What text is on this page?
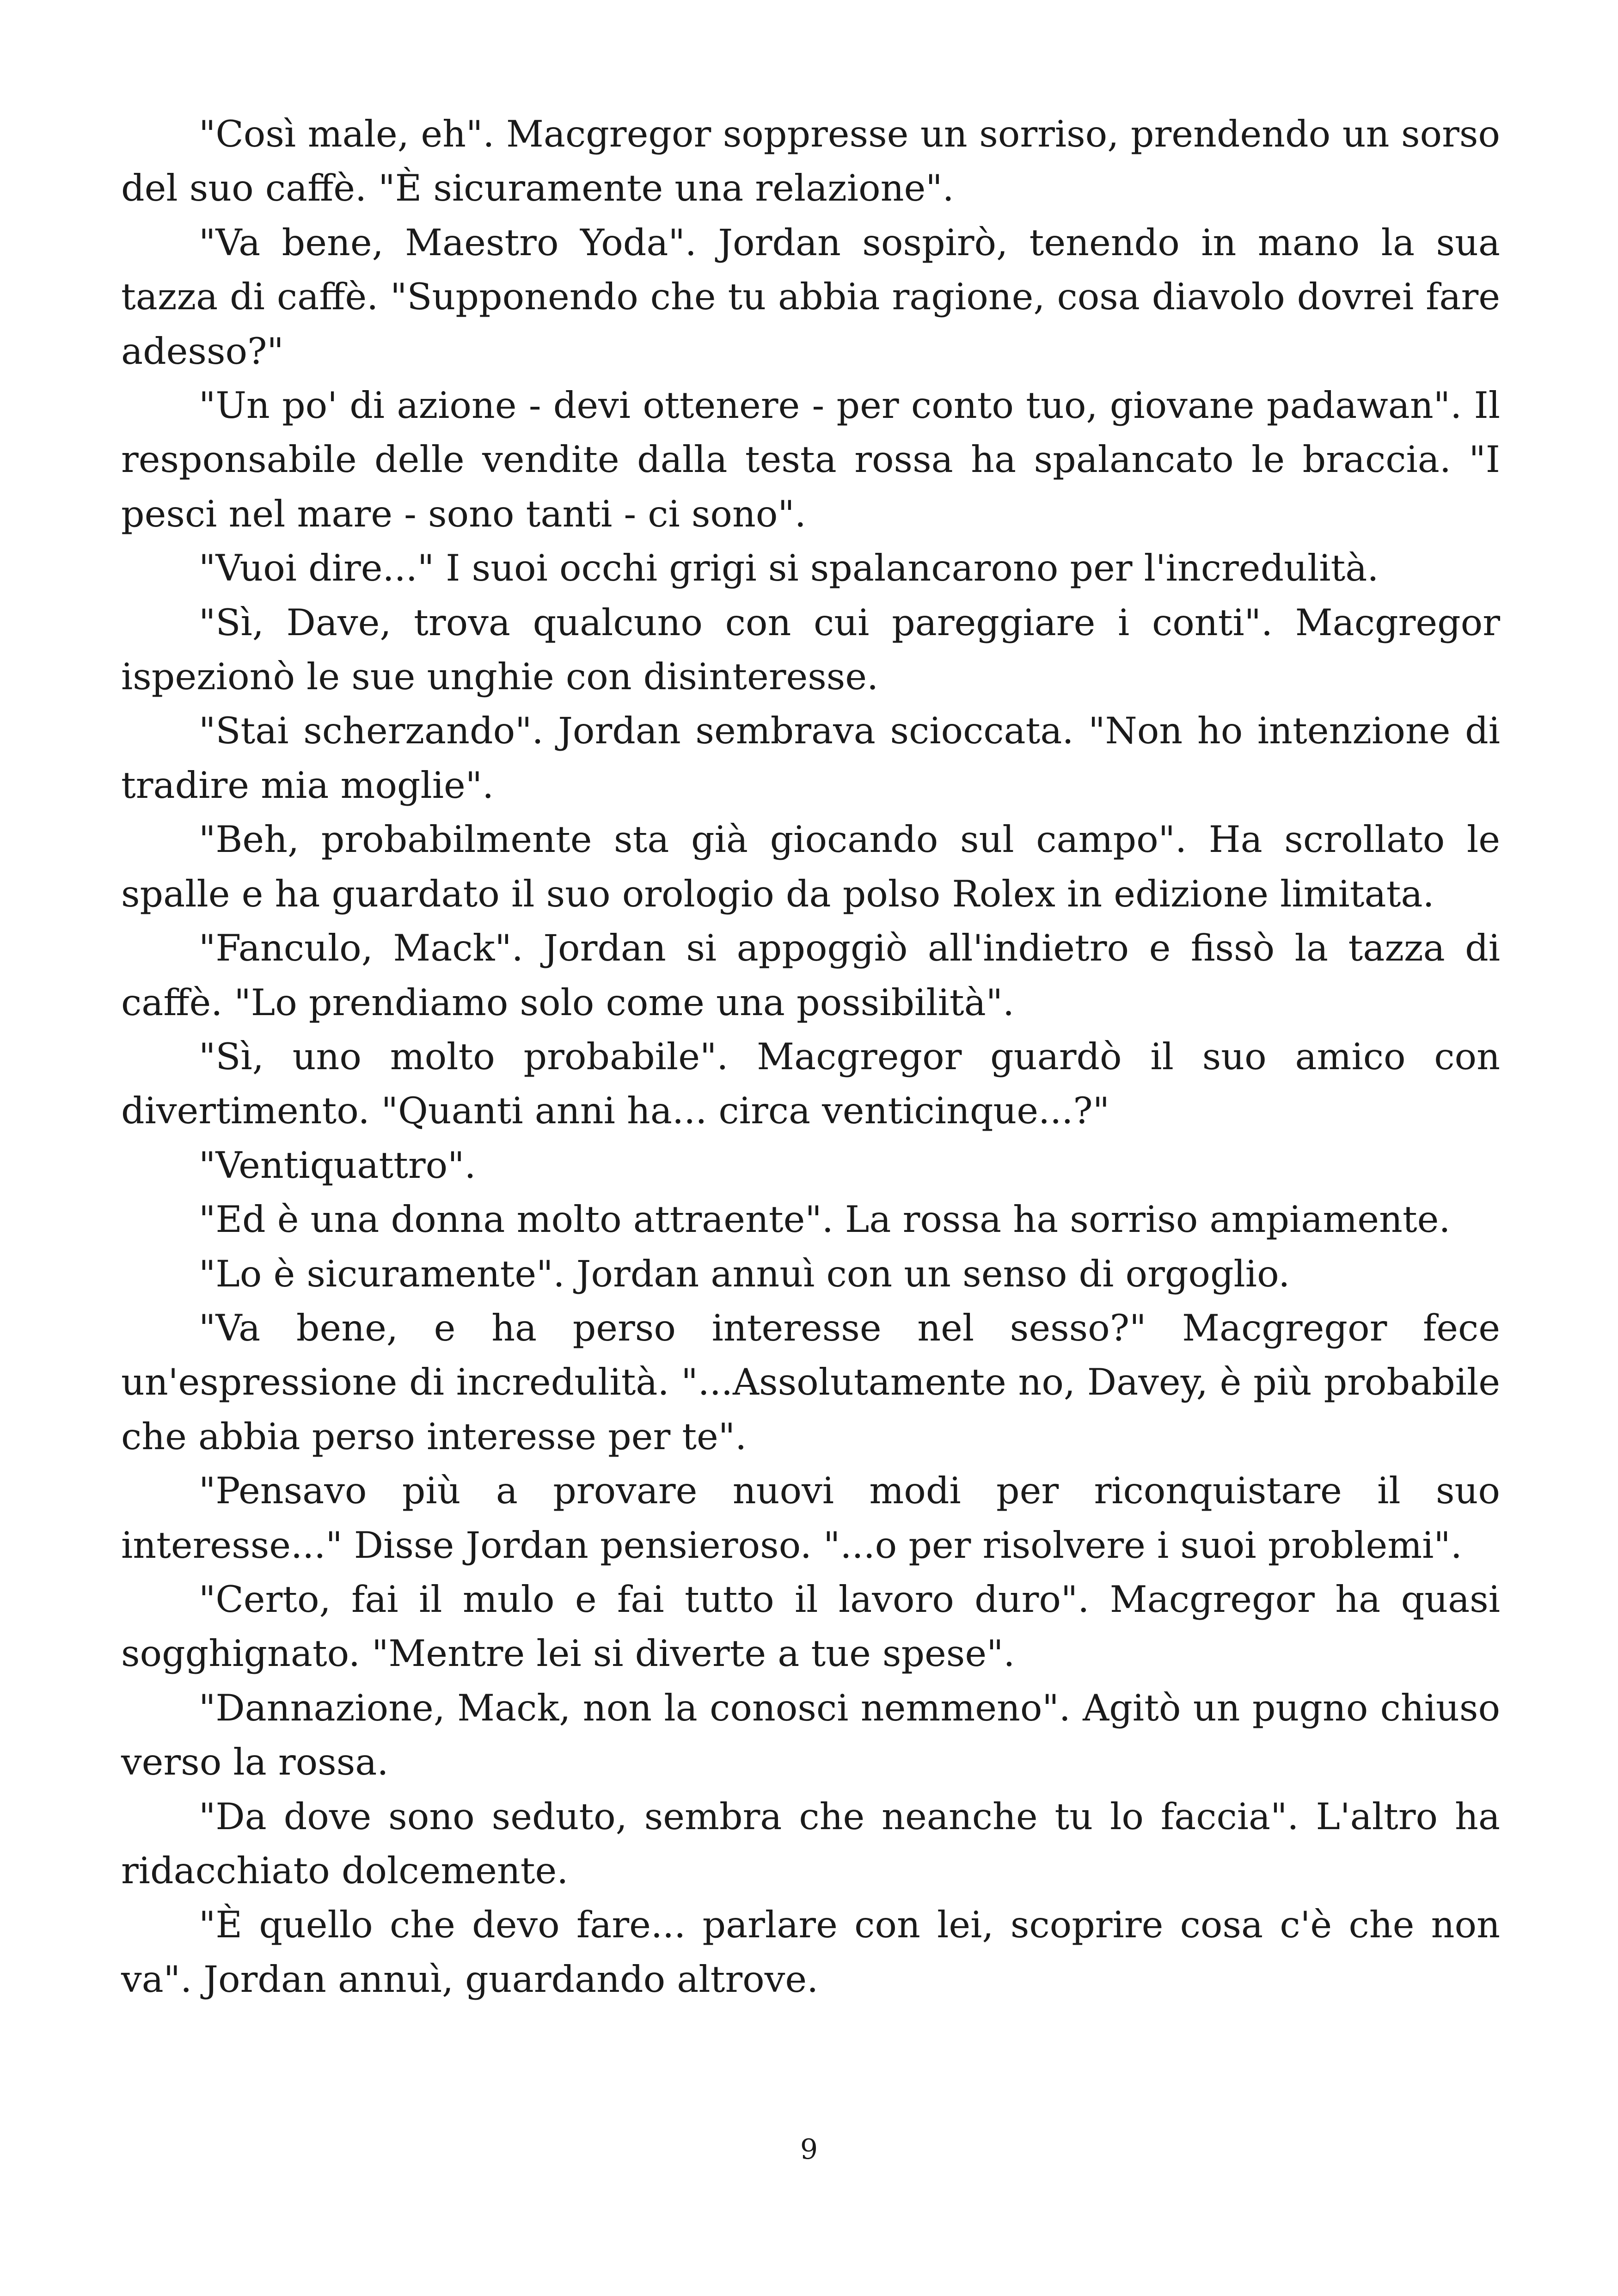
"Così male, eh". Macgregor soppresse un sorriso, prendendo un sorso del suo caffè. "È sicuramente una relazione".

"Va bene, Maestro Yoda". Jordan sospirò, tenendo in mano la sua tazza di caffè. "Supponendo che tu abbia ragione, cosa diavolo dovrei fare adesso?"

"Un po' di azione - devi ottenere - per conto tuo, giovane padawan". Il responsabile delle vendite dalla testa rossa ha spalancato le braccia. "I pesci nel mare - sono tanti - ci sono".

"Vuoi dire..." I suoi occhi grigi si spalancarono per l'incredulità.

"Sì, Dave, trova qualcuno con cui pareggiare i conti". Macgregor ispezionò le sue unghie con disinteresse.

"Stai scherzando". Jordan sembrava scioccata. "Non ho intenzione di tradire mia moglie".

"Beh, probabilmente sta già giocando sul campo". Ha scrollato le spalle e ha guardato il suo orologio da polso Rolex in edizione limitata.

"Fanculo, Mack". Jordan si appoggiò all'indietro e fissò la tazza di caffè. "Lo prendiamo solo come una possibilità".

"Sì, uno molto probabile". Macgregor guardò il suo amico con divertimento. "Quanti anni ha... circa venticinque...?"

"Ventiquattro".

"Ed è una donna molto attraente". La rossa ha sorriso ampiamente.

"Lo è sicuramente". Jordan annuì con un senso di orgoglio.

"Va bene, e ha perso interesse nel sesso?" Macgregor fece un'espressione di incredulità. "...Assolutamente no, Davey, è più probabile che abbia perso interesse per te".

"Pensavo più a provare nuovi modi per riconquistare il suo interesse..." Disse Jordan pensieroso. "...o per risolvere i suoi problemi".

"Certo, fai il mulo e fai tutto il lavoro duro". Macgregor ha quasi sogghignato. "Mentre lei si diverte a tue spese".

"Dannazione, Mack, non la conosci nemmeno". Agitò un pugno chiuso verso la rossa.

"Da dove sono seduto, sembra che neanche tu lo faccia". L'altro ha ridacchiato dolcemente.

"È quello che devo fare... parlare con lei, scoprire cosa c'è che non va". Jordan annuì, guardando altrove.

9
